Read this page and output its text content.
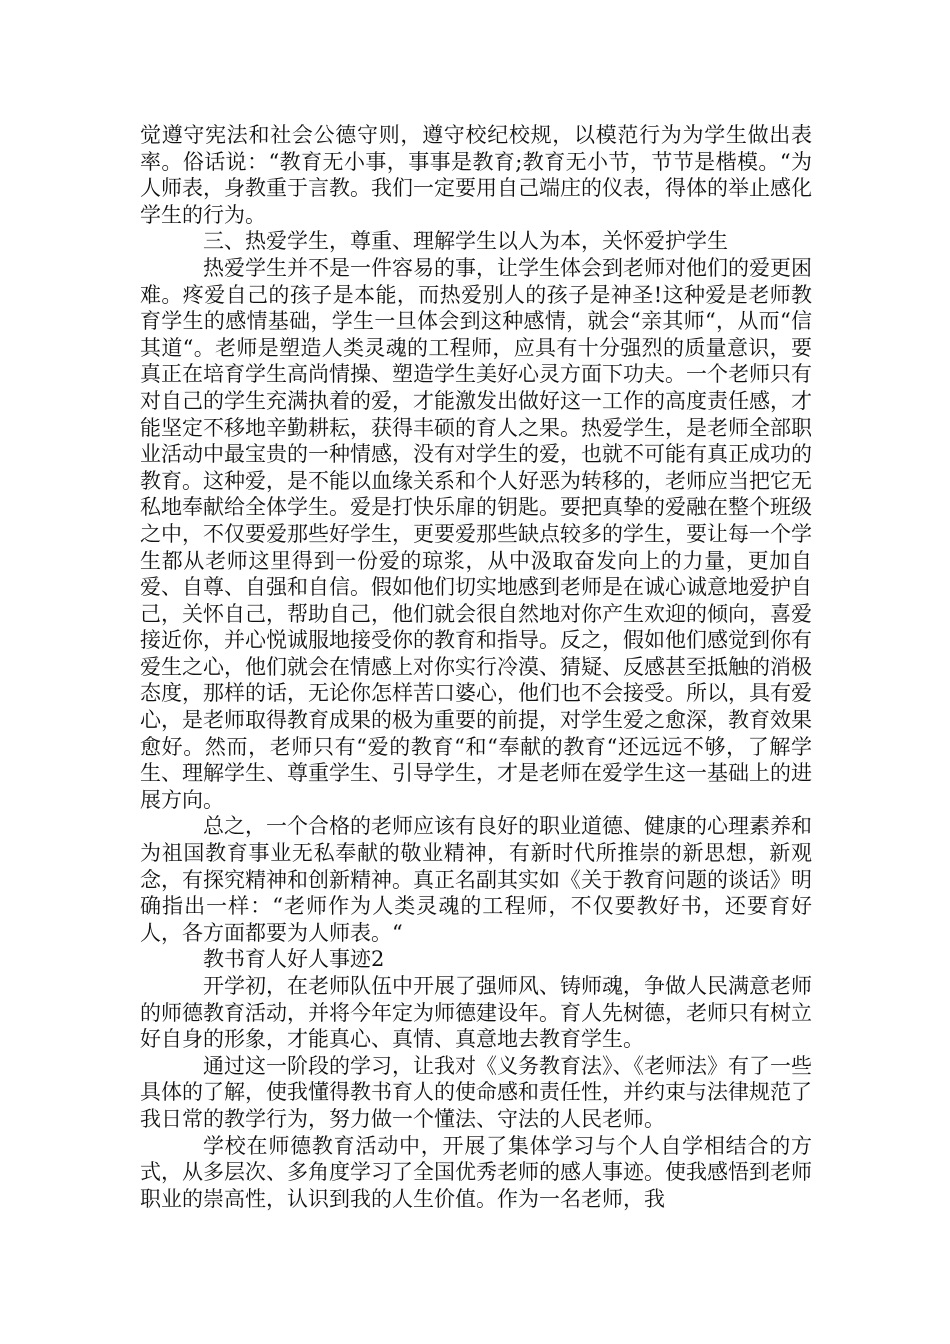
觉遵守宪法和社会公德守则，遵守校纪校规，以模范行为为学生做出表率。俗话说：“教育无小事，事事是教育;教育无小节，节节是楷模。“为人师表，身教重于言教。我们一定要用自己端庄的仪表，得体的举止感化学生的行为。

三、热爱学生，尊重、理解学生以人为本，关怀爱护学生

热爱学生并不是一件容易的事，让学生体会到老师对他们的爱更困难。疼爱自己的孩子是本能，而热爱别人的孩子是神圣!这种爱是老师教育学生的感情基础，学生一旦体会到这种感情，就会“亲其师“，从而“信其道“。老师是塑造人类灵魂的工程师，应具有十分强烈的质量意识，要真正在培育学生高尚情操、塑造学生美好心灵方面下功夫。一个老师只有对自己的学生充满执着的爱，才能激发出做好这一工作的高度责任感，才能坚定不移地辛勤耕耘，获得丰硕的育人之果。热爱学生，是老师全部职业活动中最宝贵的一种情感，没有对学生的爱，也就不可能有真正成功的教育。这种爱，是不能以血缘关系和个人好恶为转移的，老师应当把它无私地奉献给全体学生。爱是打快乐扉的钥匙。要把真挚的爱融在整个班级之中，不仅要爱那些好学生，更要爱那些缺点较多的学生，要让每一个学生都从老师这里得到一份爱的琼浆，从中汲取奋发向上的力量，更加自爱、自尊、自强和自信。假如他们切实地感到老师是在诚心诚意地爱护自己，关怀自己，帮助自己，他们就会很自然地对你产生欢迎的倾向，喜爱接近你，并心悦诚服地接受你的教育和指导。反之，假如他们感觉到你有爱生之心，他们就会在情感上对你实行冷漠、猜疑、反感甚至抵触的消极态度，那样的话，无论你怎样苦口婆心，他们也不会接受。所以，具有爱心，是老师取得教育成果的极为重要的前提，对学生爱之愈深，教育效果愈好。然而，老师只有“爱的教育“和“奉献的教育“还远远不够，了解学生、理解学生、尊重学生、引导学生，才是老师在爱学生这一基础上的进展方向。

总之，一个合格的老师应该有良好的职业道德、健康的心理素养和为祖国教育事业无私奉献的敬业精神，有新时代所推崇的新思想，新观念，有探究精神和创新精神。真正名副其实如《关于教育问题的谈话》明确指出一样：“老师作为人类灵魂的工程师，不仅要教好书，还要育好人，各方面都要为人师表。“

教书育人好人事迹2

开学初，在老师队伍中开展了强师风、铸师魂，争做人民满意老师的师德教育活动，并将今年定为师德建设年。育人先树德，老师只有树立好自身的形象，才能真心、真情、真意地去教育学生。

通过这一阶段的学习，让我对《义务教育法》、《老师法》有了一些具体的了解，使我懂得教书育人的使命感和责任性，并约束与法律规范了我日常的教学行为，努力做一个懂法、守法的人民老师。

学校在师德教育活动中，开展了集体学习与个人自学相结合的方式，从多层次、多角度学习了全国优秀老师的感人事迹。使我感悟到老师职业的崇高性，认识到我的人生价值。作为一名老师，我
